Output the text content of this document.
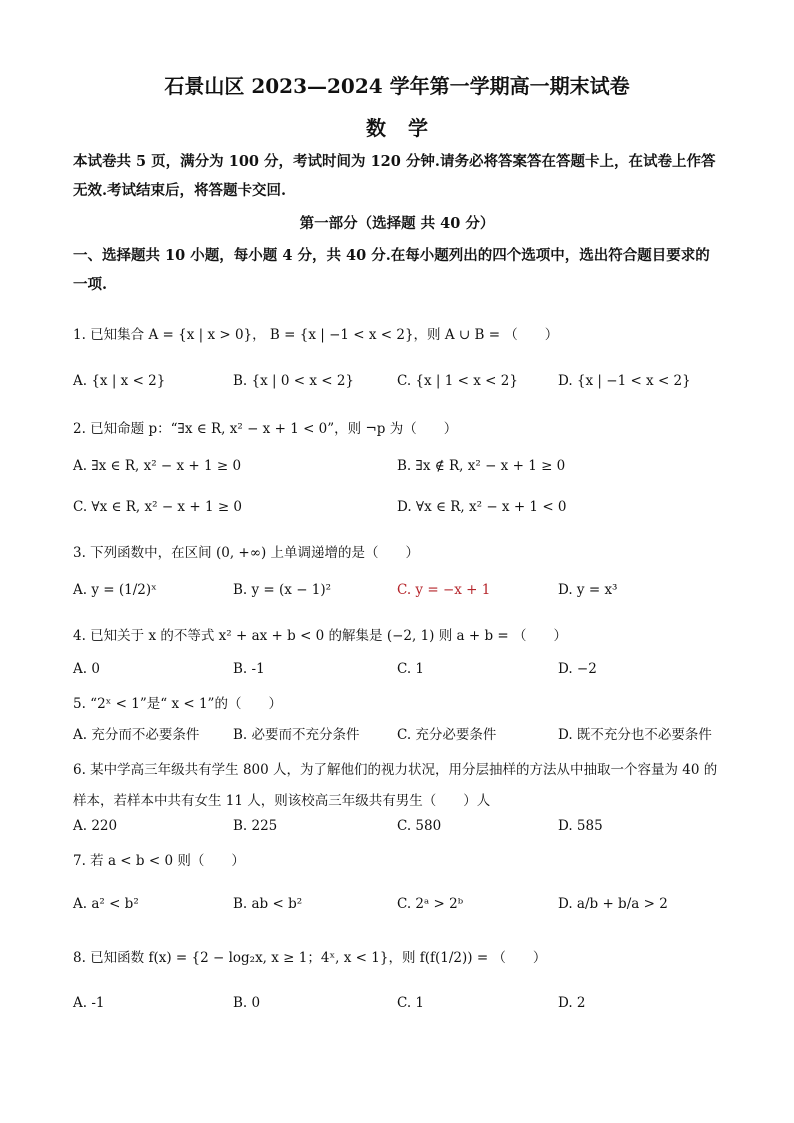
石景山区 2023—2024 学年第一学期高一期末试卷
数学
本试卷共 5 页，满分为 100 分，考试时间为 120 分钟.请务必将答案答在答题卡上，在试卷上作答无效.考试结束后，将答题卡交回.
第一部分（选择题 共 40 分）
一、选择题共 10 小题，每小题 4 分，共 40 分.在每小题列出的四个选项中，选出符合题目要求的一项.
1. 已知集合 A = {x | x > 0}， B = {x | −1 < x < 2}，则 A ∪ B = （　　）
A. {x | x < 2}	B. {x | 0 < x < 2}	C. {x | 1 < x < 2}	D. {x | −1 < x < 2}
2. 已知命题 p：“∃x ∈ R, x² − x + 1 < 0”，则 ¬p 为（　　）
A. ∃x ∈ R, x² − x + 1 ≥ 0	B. ∃x ∉ R, x² − x + 1 ≥ 0
C. ∀x ∈ R, x² − x + 1 ≥ 0	D. ∀x ∈ R, x² − x + 1 < 0
3. 下列函数中，在区间 (0, +∞) 上单调递增的是（　　）
A. y = (1/2)ˣ	B. y = (x − 1)²	C. y = −x + 1	D. y = x³
4. 已知关于 x 的不等式 x² + ax + b < 0 的解集是 (−2, 1) 则 a + b = （　　）
A. 0	B. -1	C. 1	D. −2
5. “2ˣ < 1”是“ x < 1”的（　　）
A. 充分而不必要条件 B. 必要而不充分条件	C. 充分必要条件	D. 既不充分也不必要条件
6. 某中学高三年级共有学生 800 人，为了解他们的视力状况，用分层抽样的方法从中抽取一个容量为 40 的样本，若样本中共有女生 11 人，则该校高三年级共有男生（　　）人
A. 220	B. 225	C. 580	D. 585
7. 若 a < b < 0 则（　　）
A. a² < b²	B. ab < b²	C. 2ᵃ > 2ᵇ	D. a/b + b/a > 2
8. 已知函数 f(x) = {2 − log₂x, x ≥ 1；4ˣ, x < 1}，则 f(f(1/2)) = （　　）
A. -1	B. 0	C. 1	D. 2
